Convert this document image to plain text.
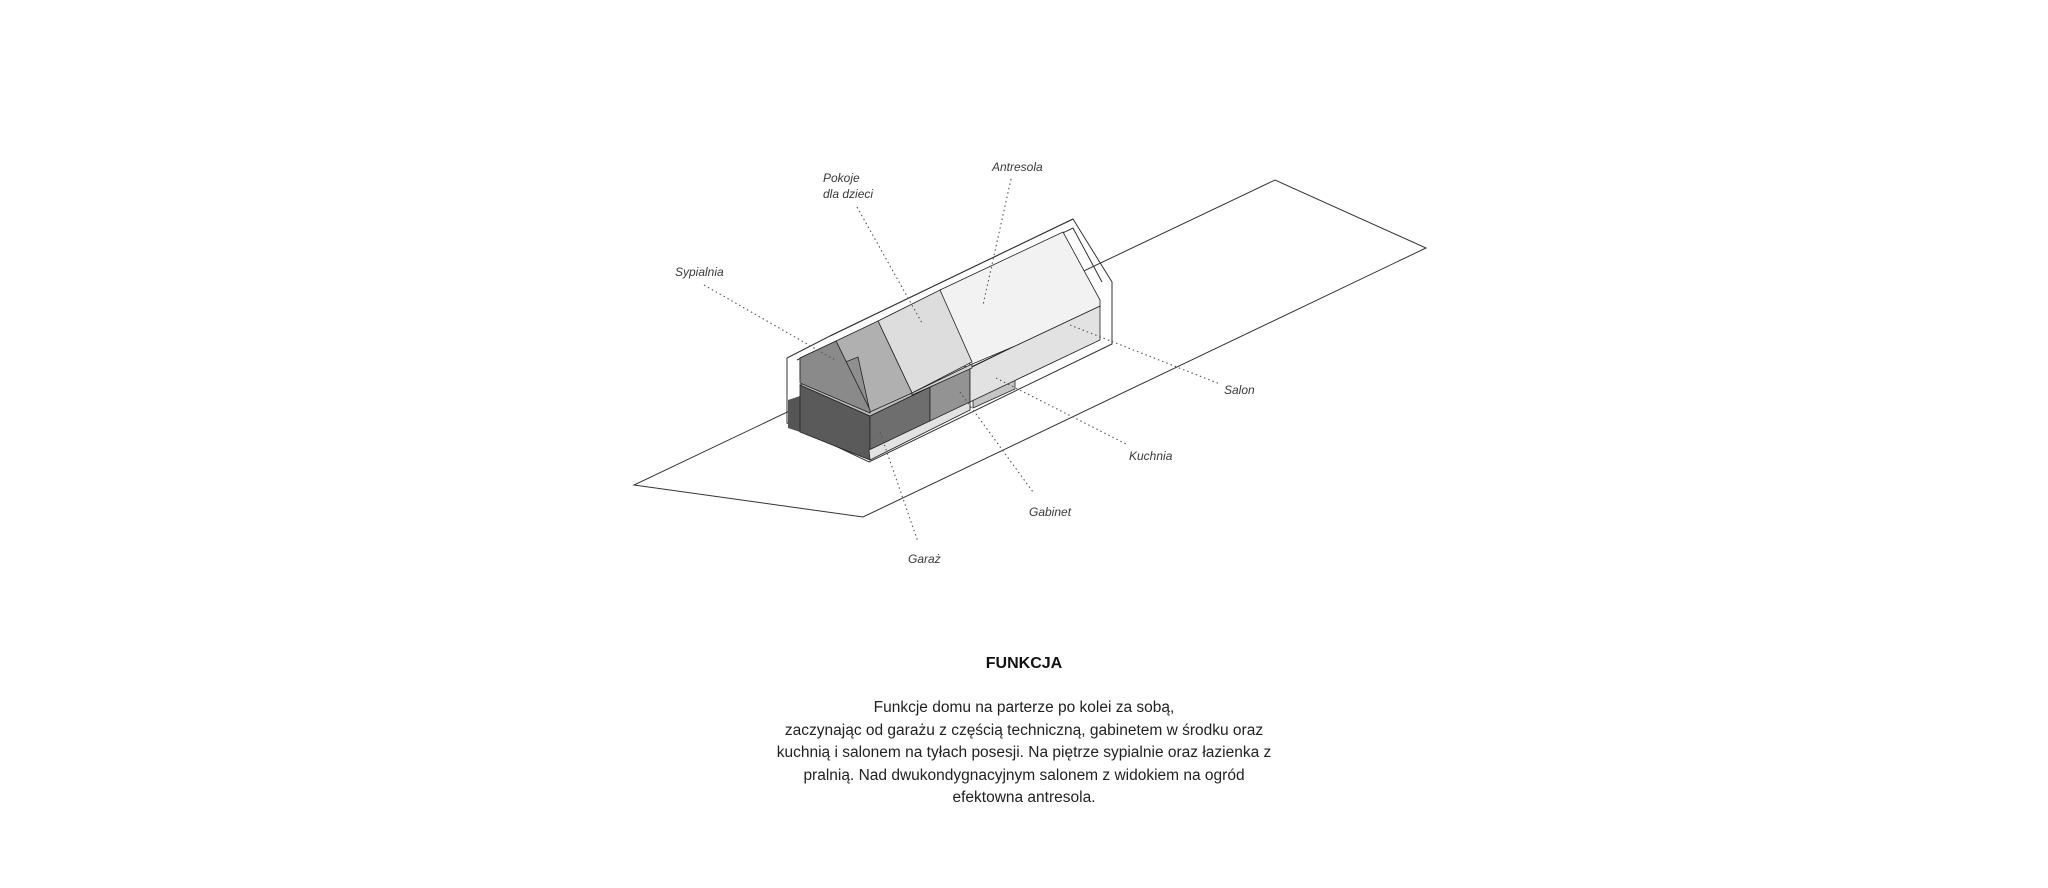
Sypialnia
Pokoje
dla dzieci
Antresola
Salon
Kuchnia
Gabinet
Garaż
FUNKCJA

Funkcje domu na parterze po kolei za sobą,
zaczynając od garażu z częścią techniczną, gabinetem w środku oraz
kuchnią i salonem na tyłach posesji. Na piętrze sypialnie oraz łazienka z
pralnią. Nad dwukondygnacyjnym salonem z widokiem na ogród
efektowna antresola.
